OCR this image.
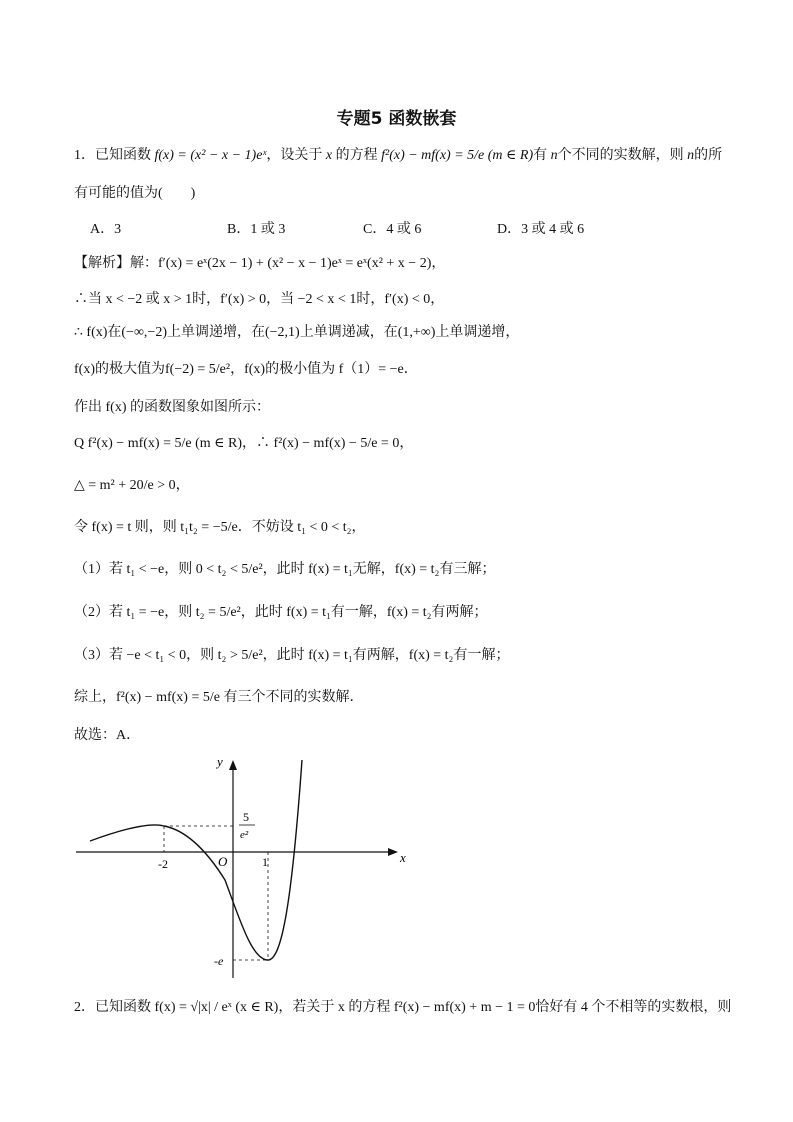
专题5 函数嵌套
1．已知函数 f(x) = (x² − x − 1)eˣ，设关于 x 的方程 f²(x) − mf(x) = 5/e (m ∈ R)有 n个不同的实数解，则 n的所
有可能的值为(　　)
A．3	B．1 或 3	C．4 或 6	D．3 或 4 或 6
【解析】解：f′(x) = eˣ(2x − 1) + (x² − x − 1)eˣ = eˣ(x² + x − 2)，
∴当 x < −2 或 x > 1时，f′(x) > 0，当 −2 < x < 1时，f′(x) < 0，
∴ f(x)在(−∞,−2)上单调递增，在(−2,1)上单调递减，在(1,+∞)上单调递增，
f(x)的极大值为f(−2) = 5/e²，f(x)的极小值为 f（1）= −e．
作出 f(x) 的函数图象如图所示：
Q f²(x) − mf(x) = 5/e (m ∈ R)，∴ f²(x) − mf(x) − 5/e = 0，
△ = m² + 20/e > 0，
令 f(x) = t 则，则 t₁t₂ = −5/e．不妨设 t₁ < 0 < t₂，
（1）若 t₁ < −e，则 0 < t₂ < 5/e²，此时 f(x) = t₁无解，f(x) = t₂有三解；
（2）若 t₁ = −e，则 t₂ = 5/e²，此时 f(x) = t₁有一解，f(x) = t₂有两解；
（3）若 −e < t₁ < 0，则 t₂ > 5/e²，此时 f(x) = t₁有两解，f(x) = t₂有一解；
综上，f²(x) − mf(x) = 5/e 有三个不同的实数解．
故选：A．
y
x
O
-2	1
5
e²
-e
2．已知函数 f(x) = √|x| / eˣ (x ∈ R)，若关于 x 的方程 f²(x) − mf(x) + m − 1 = 0恰好有 4 个不相等的实数根，则
